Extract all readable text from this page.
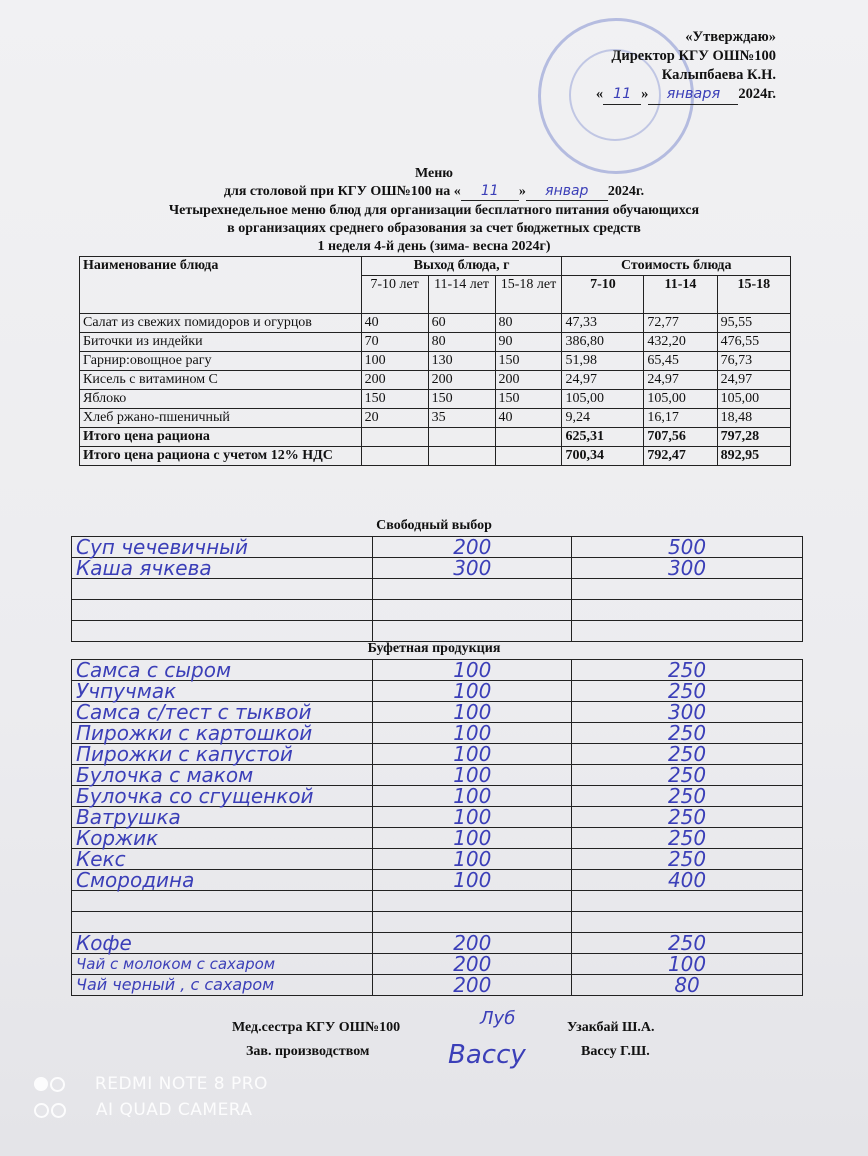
«Утверждаю»
Директор КГУ ОШ№100
Калыпбаева К.Н.
« 11 » января 2024г.
Меню
для столовой при КГУ ОШ№100 на « 11 » январ 2024г.
Четырехнедельное меню блюд для организации бесплатного питания обучающихся
в организациях среднего образования за счет бюджетных средств
1 неделя 4-й день (зима- весна 2024г)
Наименование блюда	Выход блюда, г			Стоимость блюда		
	7-10 лет	11-14 лет	15-18 лет	7-10	11-14	15-18
Салат из свежих помидоров и огурцов	40	60	80	47,33	72,77	95,55
Биточки из индейки	70	80	90	386,80	432,20	476,55
Гарнир:овощное рагу	100	130	150	51,98	65,45	76,73
Кисель с витамином С	200	200	200	24,97	24,97	24,97
Яблоко	150	150	150	105,00	105,00	105,00
Хлеб ржано-пшеничный	20	35	40	9,24	16,17	18,48
Итого цена рациона				625,31	707,56	797,28
Итого цена рациона с учетом 12% НДС				700,34	792,47	892,95
Свободный выбор
Суп чечевичный	200	500
Каша ячкева	300	300

Буфетная продукция
Самса с сыром	100	250
Учпучмак	100	250
Самса с/тест с тыквой	100	300
Пирожки с картошкой	100	250
Пирожки с капустой	100	250
Булочка с маком	100	250
Булочка со сгущенкой	100	250
Ватрушка	100	250
Коржик	100	250
Кекс	100	250
Смородина	100	400

Кофе	200	250
Чай с молоком с сахаром	200	100
Чай черный , с сахаром	200	80
Мед.сестра КГУ ОШ№100	Луб	Узакбай Ш.А.
Зав. производством	Вассу	Вассу Г.Ш.
REDMI NOTE 8 PRO
AI QUAD CAMERA
